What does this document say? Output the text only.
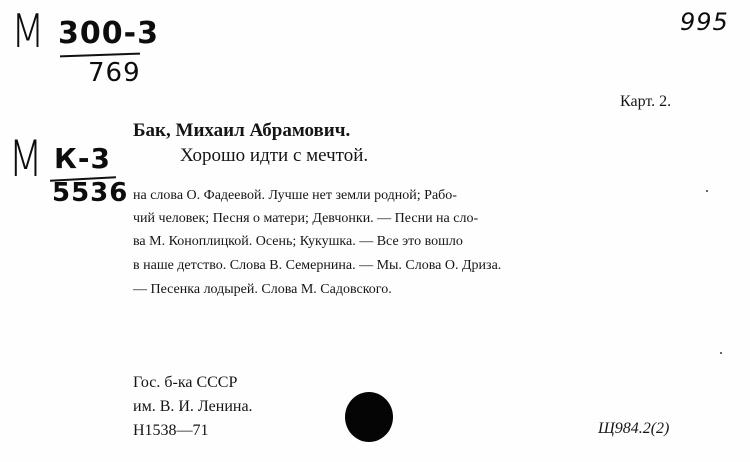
М 300-3
769
М К-3
5536
995
Карт. 2.
Бак, Михаил Абрамович.
Хорошо идти с мечтой.
на слова О. Фадеевой. Лучше нет земли родной; Рабо-
чий человек; Песня о матери; Девчонки. — Песни на сло-
ва М. Коноплицкой. Осень; Кукушка. — Все это вошло
в наше детство. Слова В. Семернина. — Мы. Слова О. Дриза.
— Песенка лодырей. Слова М. Садовского.
Гос. б-ка СССР
им. В. И. Ленина.
Н1538—71	Щ984.2(2)
